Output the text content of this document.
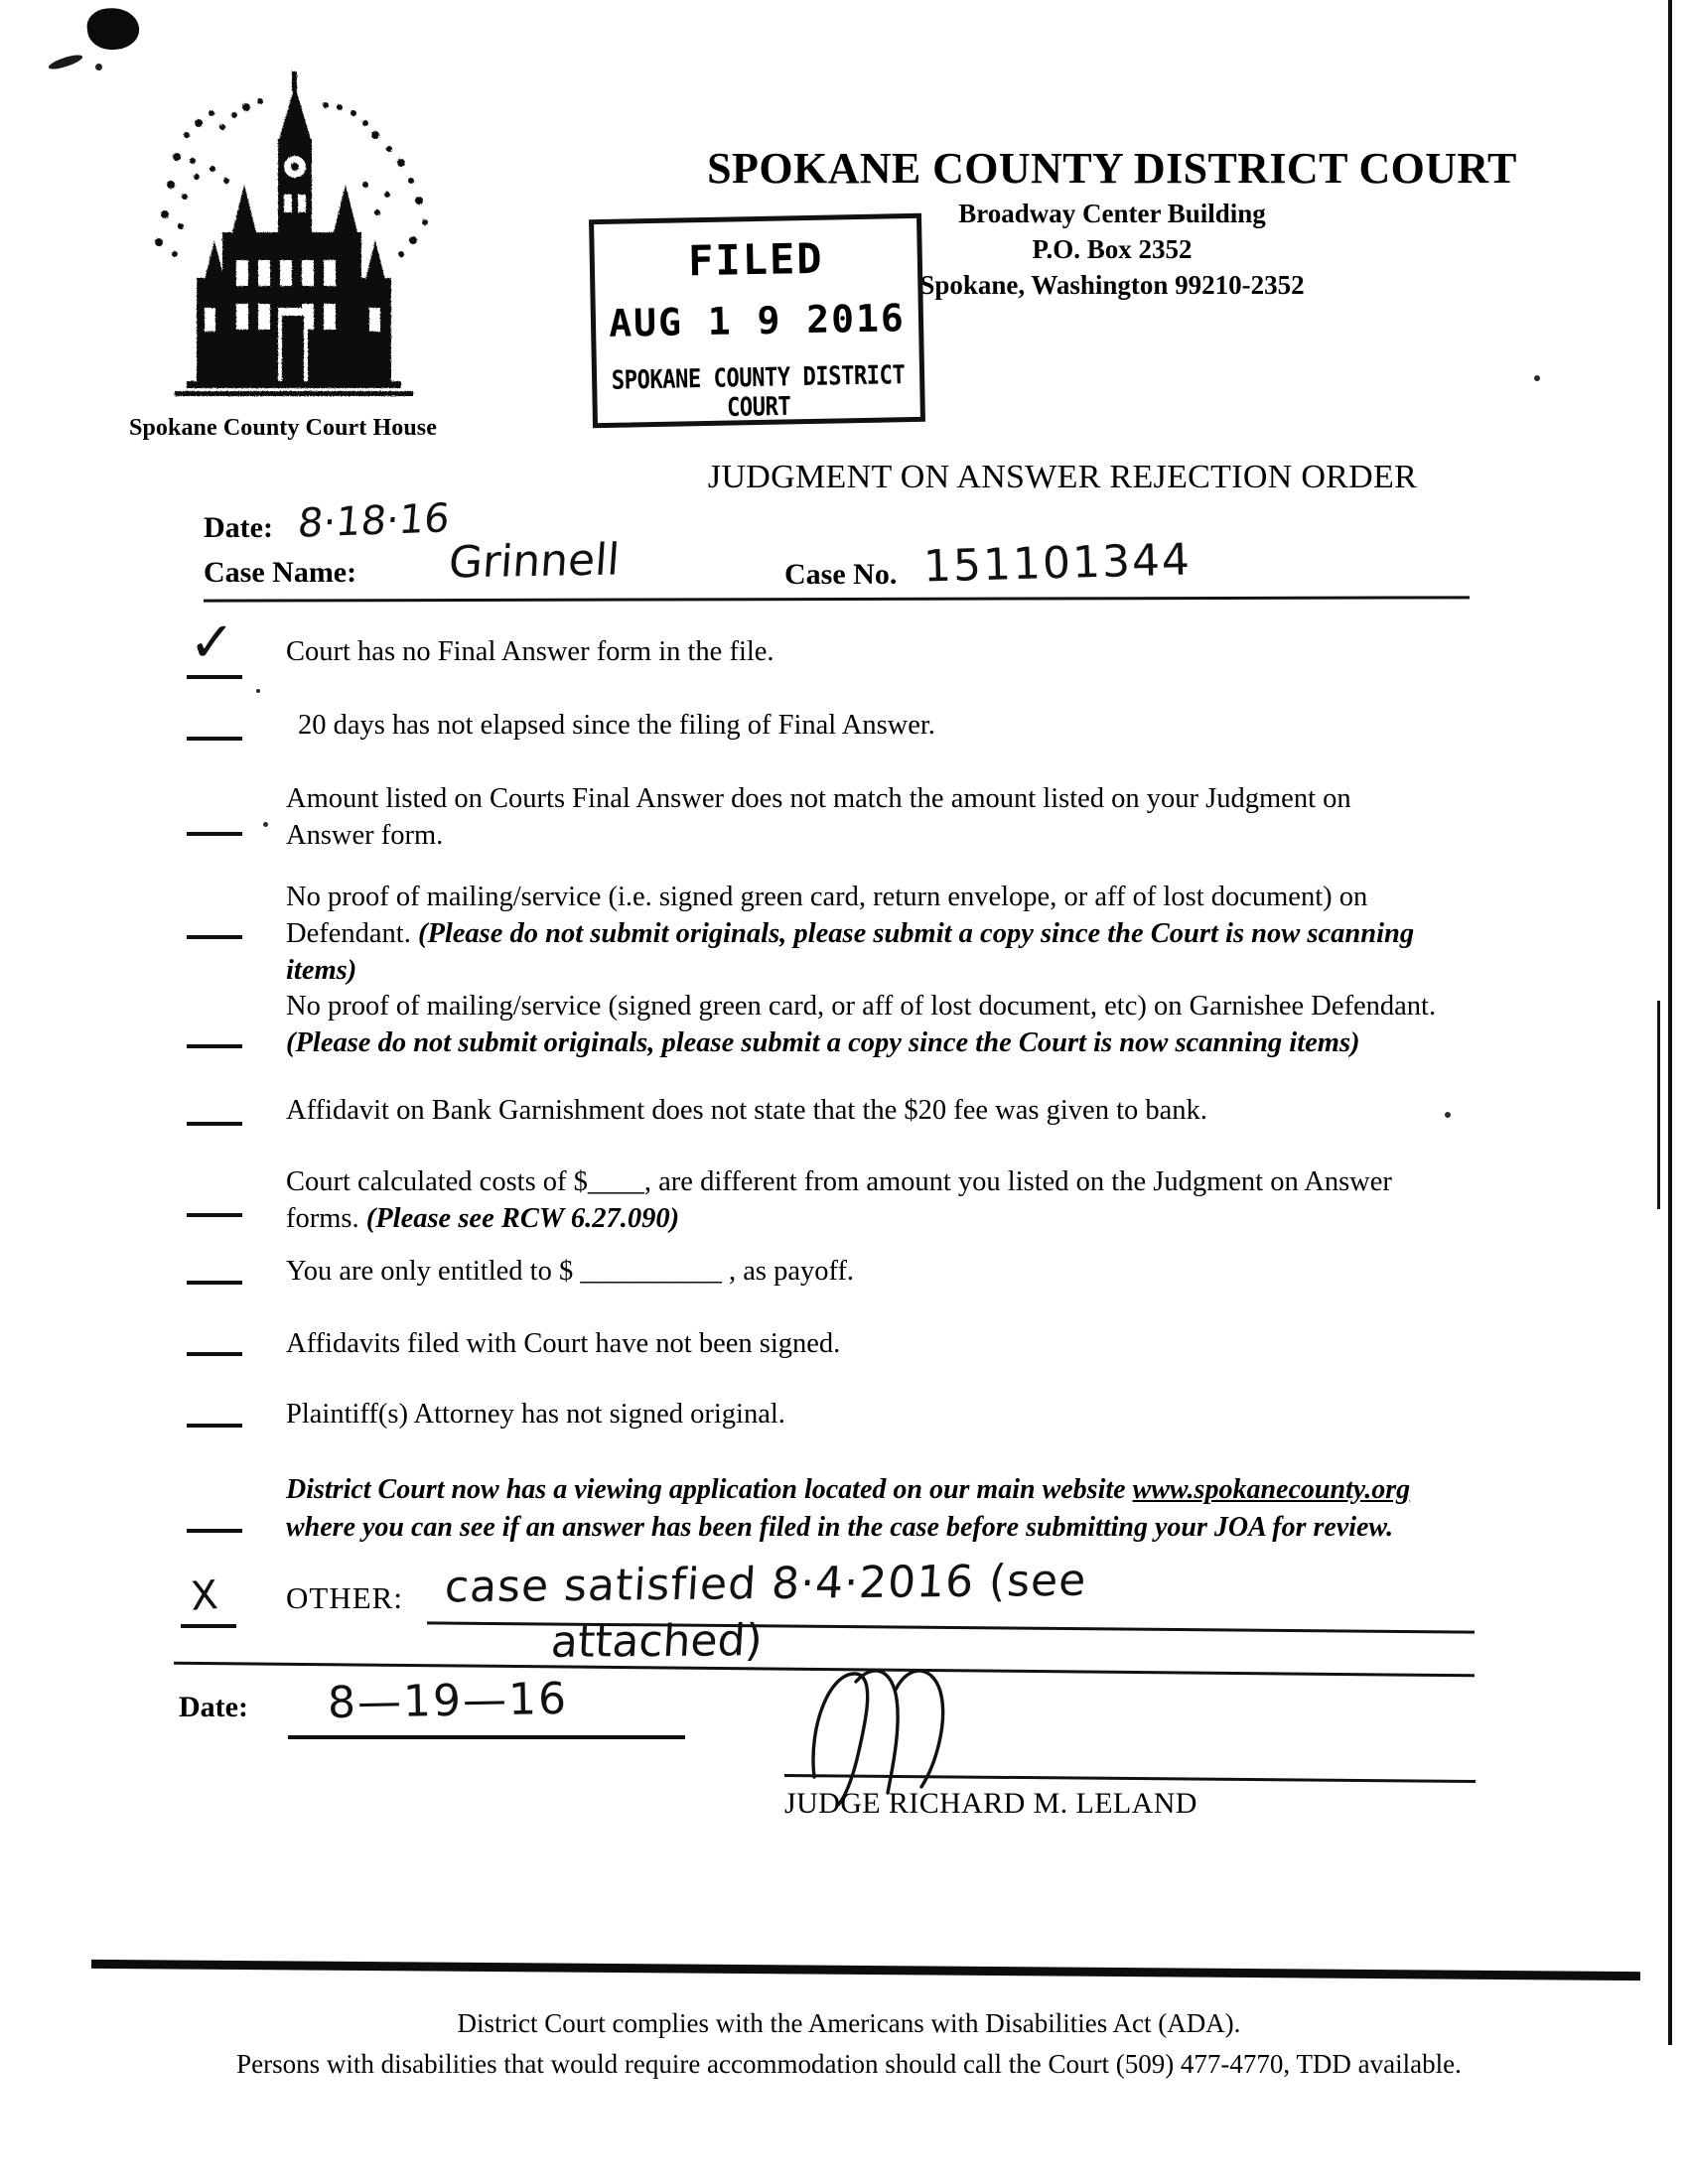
Spokane County Court House
SPOKANE COUNTY DISTRICT COURT
Broadway Center Building
P.O. Box 2352
Spokane, Washington 99210-2352
FILED
AUG 1 9 2016
SPOKANE COUNTY DISTRICT COURT
JUDGMENT ON ANSWER REJECTION ORDER
Date: 8·18·16
Case Name: Grinnell	Case No. 151101344
✓ Court has no Final Answer form in the file.
20 days has not elapsed since the filing of Final Answer.
Amount listed on Courts Final Answer does not match the amount listed on your Judgment on Answer form.
No proof of mailing/service (i.e. signed green card, return envelope, or aff of lost document) on Defendant. (Please do not submit originals, please submit a copy since the Court is now scanning items)
No proof of mailing/service (signed green card, or aff of lost document, etc) on Garnishee Defendant. (Please do not submit originals, please submit a copy since the Court is now scanning items)
Affidavit on Bank Garnishment does not state that the $20 fee was given to bank.
Court calculated costs of $____, are different from amount you listed on the Judgment on Answer forms. (Please see RCW 6.27.090)
You are only entitled to $ __________ , as payoff.
Affidavits filed with Court have not been signed.
Plaintiff(s) Attorney has not signed original.
District Court now has a viewing application located on our main website www.spokanecounty.org
where you can see if an answer has been filed in the case before submitting your JOA for review.
X OTHER: case satisfied 8·4·2016 (see
attached)
Date: 8—19—16
JUDGE RICHARD M. LELAND
District Court complies with the Americans with Disabilities Act (ADA).
Persons with disabilities that would require accommodation should call the Court (509) 477-4770, TDD available.
